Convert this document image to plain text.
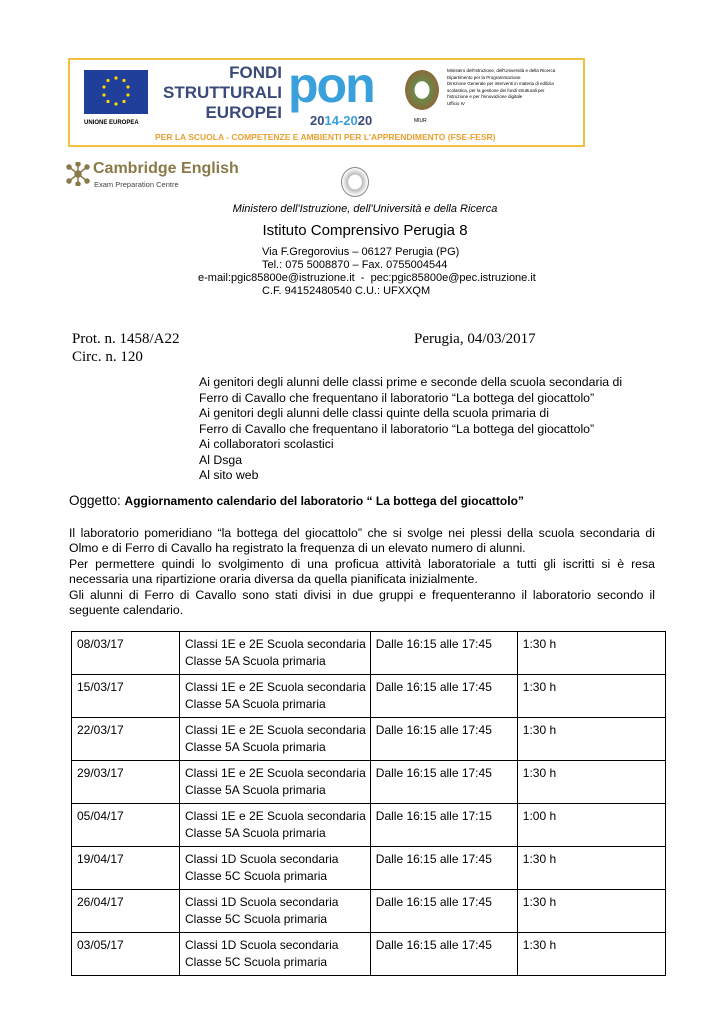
UNIONE EUROPEA
FONDI
STRUTTURALI
EUROPEI pon
2014-2020	MIUR
Ministero dell'Istruzione, dell'Università e della Ricerca
Dipartimento per la Programmazione
Direzione Generale per interventi in materia di edilizia
scolastica, per la gestione dei fondi strutturali per
l'istruzione e per l'innovazione digitale
Ufficio IV
PER LA SCUOLA - COMPETENZE E AMBIENTI PER L'APPRENDIMENTO (FSE-FESR)
Cambridge English
Exam Preparation Centre
Ministero dell'Istruzione, dell'Università e della Ricerca
Istituto Comprensivo Perugia 8
Via F.Gregorovius – 06127 Perugia (PG)
Tel.: 075 5008870 – Fax. 0755004544
e-mail:pgic85800e@istruzione.it  -  pec:pgic85800e@pec.istruzione.it
C.F. 94152480540 C.U.: UFXXQM
Prot. n. 1458/A22
Circ. n. 120
Perugia, 04/03/2017
Ai genitori degli alunni delle classi prime e seconde della scuola secondaria di
Ferro di Cavallo che frequentano il laboratorio “La bottega del giocattolo”
Ai genitori degli alunni delle classi quinte della scuola primaria di
Ferro di Cavallo che frequentano il laboratorio “La bottega del giocattolo”
Ai collaboratori scolastici
Al Dsga
Al sito web
Oggetto: Aggiornamento calendario del laboratorio “ La bottega del giocattolo”

Il laboratorio pomeridiano “la bottega del giocattolo” che si svolge nei plessi della scuola secondaria di Olmo e di Ferro di Cavallo ha registrato la frequenza di un elevato numero di alunni.

Per permettere quindi lo svolgimento di una proficua attività laboratoriale a tutti gli iscritti si è resa necessaria una ripartizione oraria diversa da quella pianificata inizialmente.

Gli alunni di Ferro di Cavallo sono stati divisi in due gruppi e frequenteranno il laboratorio secondo il seguente calendario.

08/03/17	Classi 1E e 2E Scuola secondaria
Classe 5A Scuola primaria	Dalle 16:15 alle 17:45	1:30 h
15/03/17	Classi 1E e 2E Scuola secondaria
Classe 5A Scuola primaria	Dalle 16:15 alle 17:45	1:30 h
22/03/17	Classi 1E e 2E Scuola secondaria
Classe 5A Scuola primaria	Dalle 16:15 alle 17:45	1:30 h
29/03/17	Classi 1E e 2E Scuola secondaria
Classe 5A Scuola primaria	Dalle 16:15 alle 17:45	1:30 h
05/04/17	Classi 1E e 2E Scuola secondaria
Classe 5A Scuola primaria	Dalle 16:15 alle 17:15	1:00 h
19/04/17	Classi 1D Scuola secondaria
Classe 5C Scuola primaria	Dalle 16:15 alle 17:45	1:30 h
26/04/17	Classi 1D Scuola secondaria
Classe 5C Scuola primaria	Dalle 16:15 alle 17:45	1:30 h
03/05/17	Classi 1D Scuola secondaria
Classe 5C Scuola primaria	Dalle 16:15 alle 17:45	1:30 h
